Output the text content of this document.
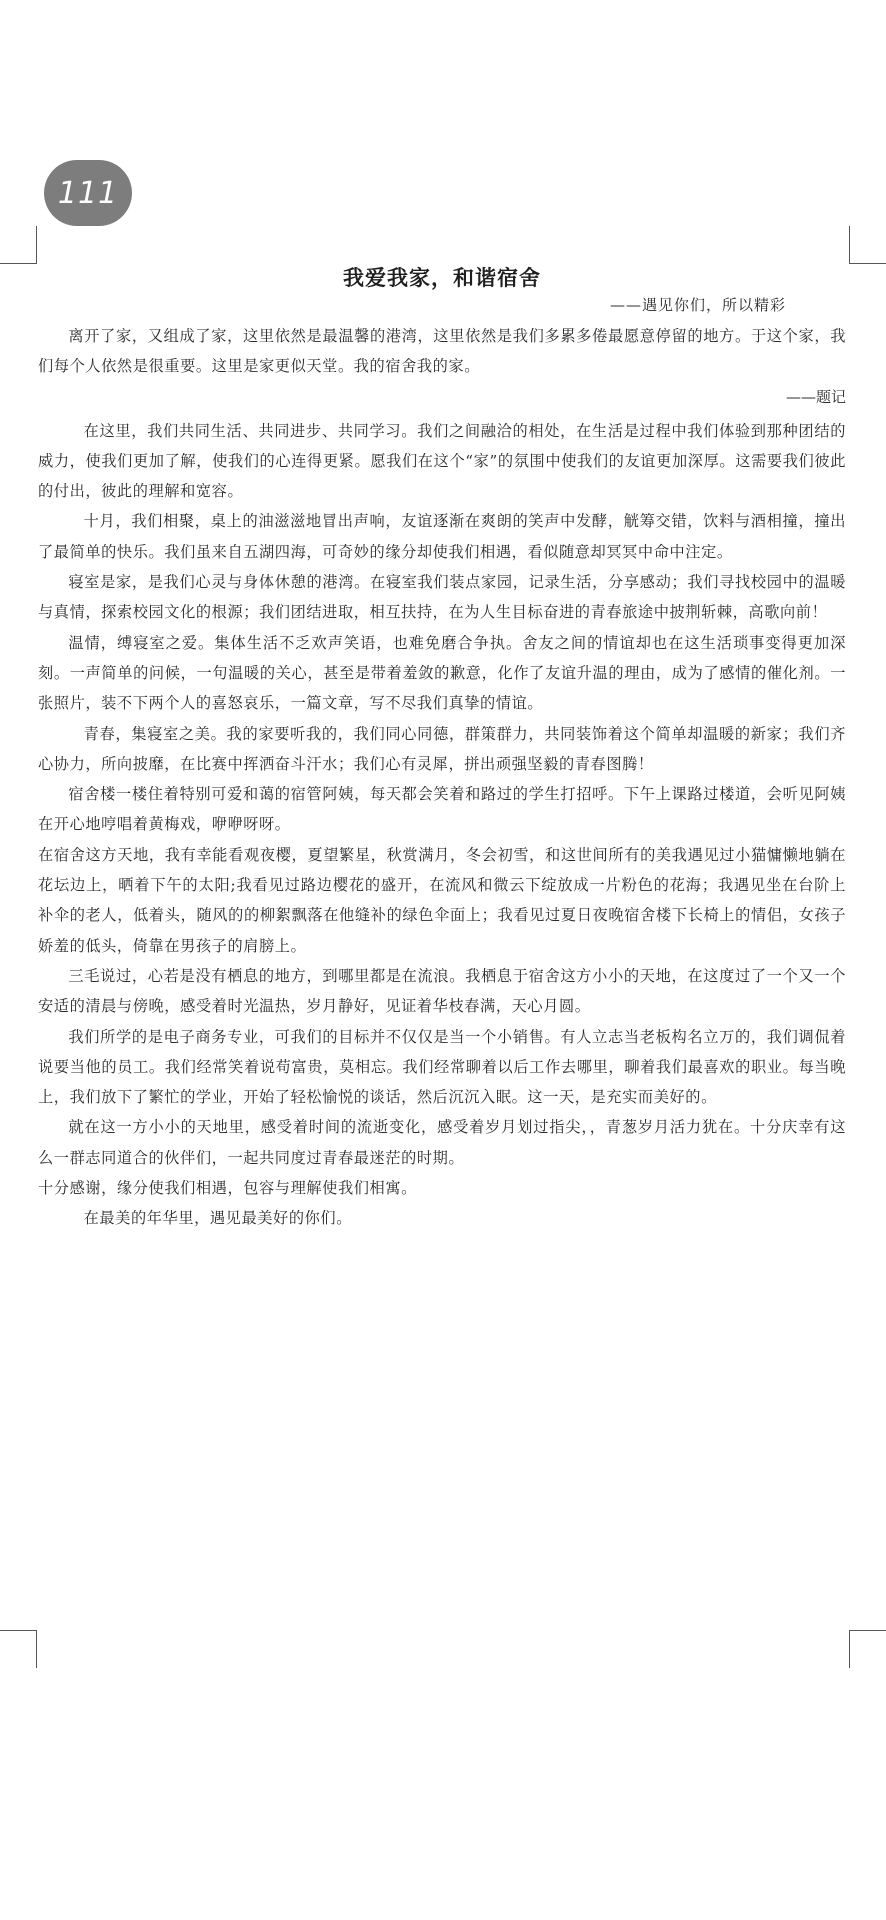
111
我爱我家，和谐宿舍

——遇见你们，所以精彩

离开了家，又组成了家，这里依然是最温馨的港湾，这里依然是我们多累多倦最愿意停留的地方。于这个家，我们每个人依然是很重要。这里是家更似天堂。我的宿舍我的家。

——题记

在这里，我们共同生活、共同进步、共同学习。我们之间融洽的相处，在生活是过程中我们体验到那种团结的威力，使我们更加了解，使我们的心连得更紧。愿我们在这个“家”的氛围中使我们的友谊更加深厚。这需要我们彼此的付出，彼此的理解和宽容。

十月，我们相聚，桌上的油滋滋地冒出声响，友谊逐渐在爽朗的笑声中发酵，觥筹交错，饮料与酒相撞，撞出了最简单的快乐。我们虽来自五湖四海，可奇妙的缘分却使我们相遇，看似随意却冥冥中命中注定。

寝室是家，是我们心灵与身体休憩的港湾。在寝室我们装点家园，记录生活，分享感动；我们寻找校园中的温暖与真情，探索校园文化的根源；我们团结进取，相互扶持，在为人生目标奋进的青春旅途中披荆斩棘，高歌向前！

温情，缚寝室之爱。集体生活不乏欢声笑语，也难免磨合争执。舍友之间的情谊却也在这生活琐事变得更加深刻。一声简单的问候，一句温暖的关心，甚至是带着羞敛的歉意，化作了友谊升温的理由，成为了感情的催化剂。一张照片，装不下两个人的喜怒哀乐，一篇文章，写不尽我们真挚的情谊。

青春，集寝室之美。我的家要听我的，我们同心同德，群策群力，共同装饰着这个简单却温暖的新家；我们齐心协力，所向披靡，在比赛中挥洒奋斗汗水；我们心有灵犀，拼出顽强坚毅的青春图腾！

宿舍楼一楼住着特别可爱和蔼的宿管阿姨，每天都会笑着和路过的学生打招呼。下午上课路过楼道，会听见阿姨在开心地哼唱着黄梅戏，咿咿呀呀。

在宿舍这方天地，我有幸能看观夜樱，夏望繁星，秋赏满月，冬会初雪，和这世间所有的美我遇见过小猫慵懒地躺在花坛边上，晒着下午的太阳;我看见过路边樱花的盛开，在流风和微云下绽放成一片粉色的花海；我遇见坐在台阶上补伞的老人，低着头，随风的的柳絮飘落在他缝补的绿色伞面上；我看见过夏日夜晚宿舍楼下长椅上的情侣，女孩子娇羞的低头，倚靠在男孩子的肩膀上。

三毛说过，心若是没有栖息的地方，到哪里都是在流浪。我栖息于宿舍这方小小的天地，在这度过了一个又一个安适的清晨与傍晚，感受着时光温热，岁月静好，见证着华枝春满，天心月圆。

我们所学的是电子商务专业，可我们的目标并不仅仅是当一个小销售。有人立志当老板构名立万的，我们调侃着说要当他的员工。我们经常笑着说苟富贵，莫相忘。我们经常聊着以后工作去哪里，聊着我们最喜欢的职业。每当晚上，我们放下了繁忙的学业，开始了轻松愉悦的谈话，然后沉沉入眠。这一天，是充实而美好的。

就在这一方小小的天地里，感受着时间的流逝变化，感受着岁月划过指尖，，青葱岁月活力犹在。十分庆幸有这么一群志同道合的伙伴们，一起共同度过青春最迷茫的时期。

十分感谢，缘分使我们相遇，包容与理解使我们相寓。

在最美的年华里，遇见最美好的你们。
